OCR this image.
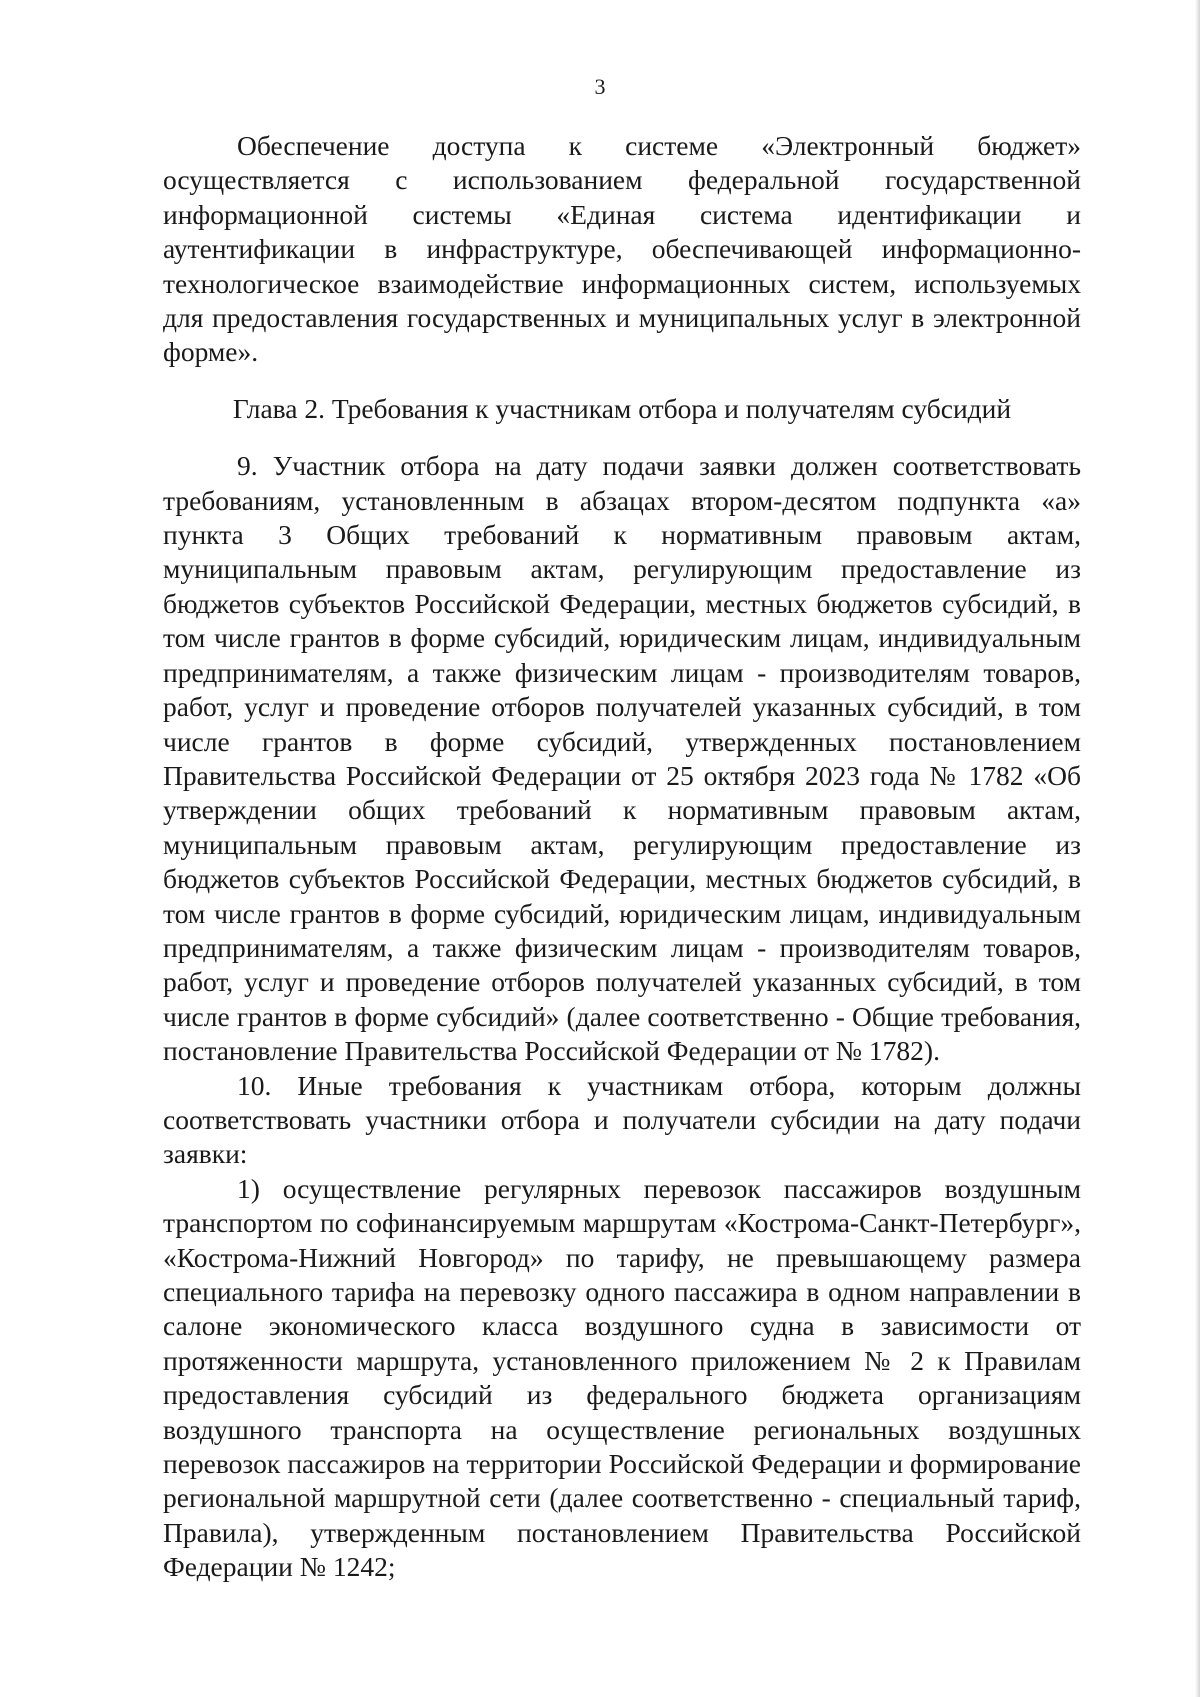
3

Обеспечение доступа к системе «Электронный бюджет» осуществляется с использованием федеральной государственной информационной системы «Единая система идентификации и аутентификации в инфраструктуре, обеспечивающей информационно-технологическое взаимодействие информационных систем, используемых для предоставления государственных и муниципальных услуг в электронной форме».

Глава 2. Требования к участникам отбора и получателям субсидий

9. Участник отбора на дату подачи заявки должен соответствовать требованиям, установленным в абзацах втором-десятом подпункта «а» пункта 3 Общих требований к нормативным правовым актам, муниципальным правовым актам, регулирующим предоставление из бюджетов субъектов Российской Федерации, местных бюджетов субсидий, в том числе грантов в форме субсидий, юридическим лицам, индивидуальным предпринимателям, а также физическим лицам - производителям товаров, работ, услуг и проведение отборов получателей указанных субсидий, в том числе грантов в форме субсидий, утвержденных постановлением Правительства Российской Федерации от 25 октября 2023 года № 1782 «Об утверждении общих требований к нормативным правовым актам, муниципальным правовым актам, регулирующим предоставление из бюджетов субъектов Российской Федерации, местных бюджетов субсидий, в том числе грантов в форме субсидий, юридическим лицам, индивидуальным предпринимателям, а также физическим лицам - производителям товаров, работ, услуг и проведение отборов получателей указанных субсидий, в том числе грантов в форме субсидий» (далее соответственно - Общие требования, постановление Правительства Российской Федерации от № 1782).

10. Иные требования к участникам отбора, которым должны соответствовать участники отбора и получатели субсидии на дату подачи заявки:

1) осуществление регулярных перевозок пассажиров воздушным транспортом по софинансируемым маршрутам «Кострома-Санкт-Петербург», «Кострома-Нижний Новгород» по тарифу, не превышающему размера специального тарифа на перевозку одного пассажира в одном направлении в салоне экономического класса воздушного судна в зависимости от протяженности маршрута, установленного приложением № 2 к Правилам предоставления субсидий из федерального бюджета организациям воздушного транспорта на осуществление региональных воздушных перевозок пассажиров на территории Российской Федерации и формирование региональной маршрутной сети (далее соответственно - специальный тариф, Правила), утвержденным постановлением Правительства Российской Федерации № 1242;
